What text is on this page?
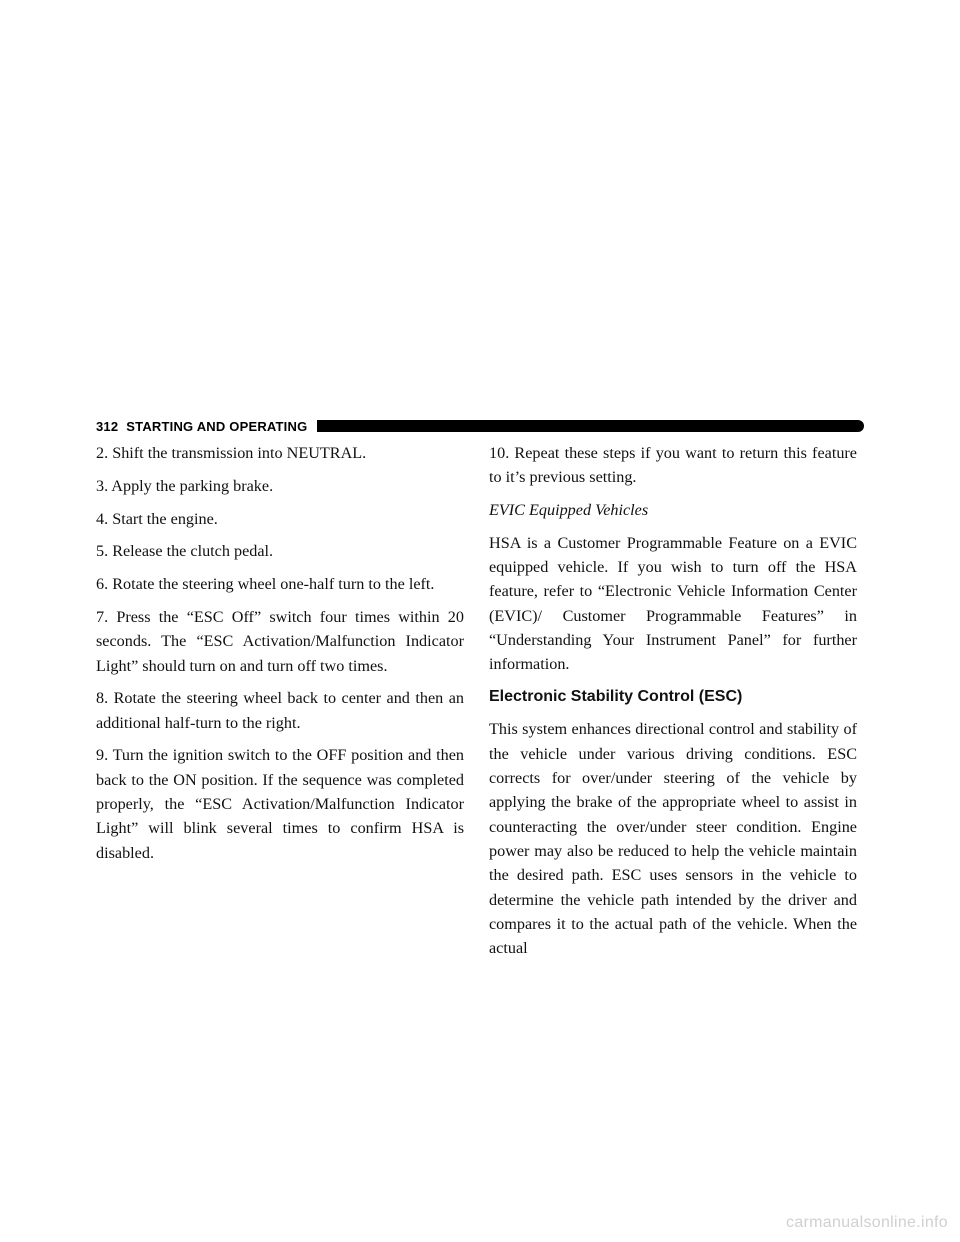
312 STARTING AND OPERATING

2. Shift the transmission into NEUTRAL.

3. Apply the parking brake.

4. Start the engine.

5. Release the clutch pedal.

6. Rotate the steering wheel one-half turn to the left.

7. Press the “ESC Off” switch four times within 20 seconds. The “ESC Activation/Malfunction Indicator Light” should turn on and turn off two times.

8. Rotate the steering wheel back to center and then an additional half-turn to the right.

9. Turn the ignition switch to the OFF position and then back to the ON position. If the sequence was completed properly, the “ESC Activation/Malfunction Indicator Light” will blink several times to confirm HSA is disabled.

10. Repeat these steps if you want to return this feature to it’s previous setting.

EVIC Equipped Vehicles

HSA is a Customer Programmable Feature on a EVIC equipped vehicle. If you wish to turn off the HSA feature, refer to “Electronic Vehicle Information Center (EVIC)/ Customer Programmable Features” in “Understanding Your Instrument Panel” for further information.

Electronic Stability Control (ESC)

This system enhances directional control and stability of the vehicle under various driving conditions. ESC corrects for over/under steering of the vehicle by applying the brake of the appropriate wheel to assist in counteracting the over/under steer condition. Engine power may also be reduced to help the vehicle maintain the desired path. ESC uses sensors in the vehicle to determine the vehicle path intended by the driver and compares it to the actual path of the vehicle. When the actual

carmanualsonline.info
